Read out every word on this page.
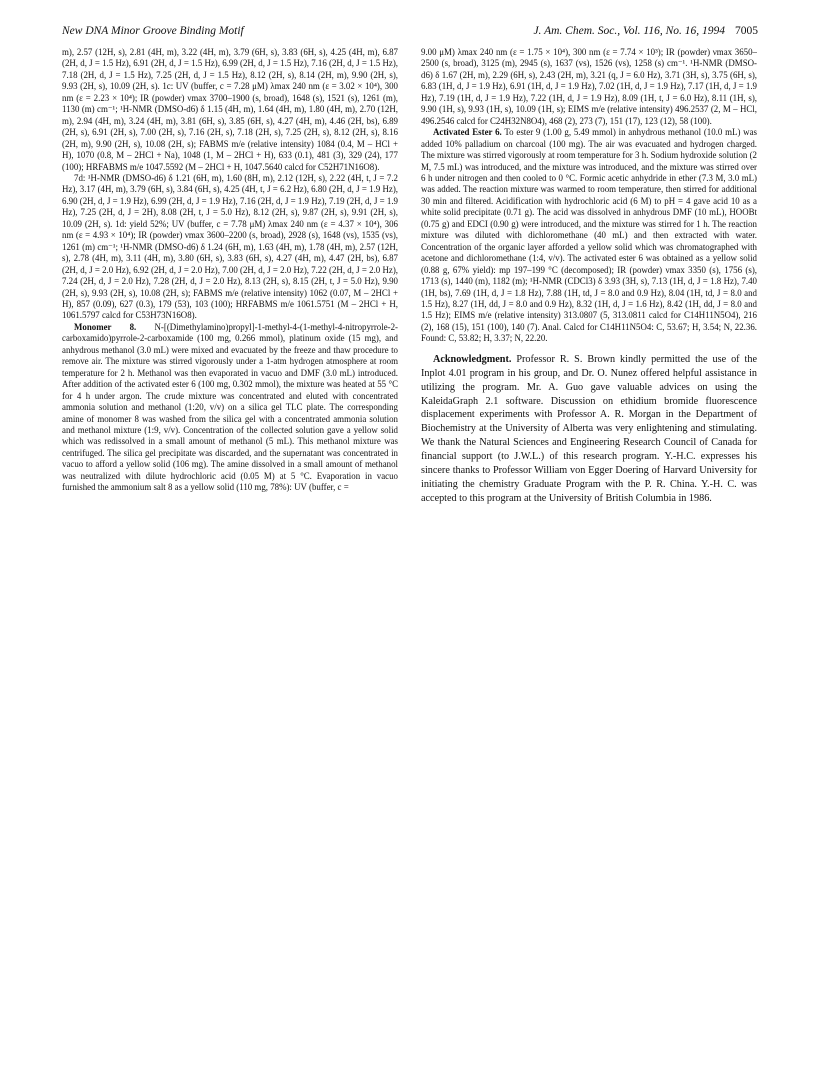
New DNA Minor Groove Binding Motif	J. Am. Chem. Soc., Vol. 116, No. 16, 1994 7005

m), 2.57 (12H, s), 2.81 (4H, m), 3.22 (4H, m), 3.79 (6H, s), 3.83 (6H, s), 4.25 (4H, m), 6.87 (2H, d, J = 1.5 Hz), 6.91 (2H, d, J = 1.5 Hz), 6.99 (2H, d, J = 1.5 Hz), 7.16 (2H, d, J = 1.5 Hz), 7.18 (2H, d, J = 1.5 Hz), 7.25 (2H, d, J = 1.5 Hz), 8.12 (2H, s), 8.14 (2H, m), 9.90 (2H, s), 9.93 (2H, s), 10.09 (2H, s). 1c: UV (buffer, c = 7.28 μM) λmax 240 nm (ε = 3.02 × 10⁴), 300 nm (ε = 2.23 × 10⁴); IR (powder) νmax 3700–1900 (s, broad), 1648 (s), 1521 (s), 1261 (m), 1130 (m) cm⁻¹; ¹H-NMR (DMSO-d6) δ 1.15 (4H, m), 1.64 (4H, m), 1.80 (4H, m), 2.70 (12H, m), 2.94 (4H, m), 3.24 (4H, m), 3.81 (6H, s), 3.85 (6H, s), 4.27 (4H, m), 4.46 (2H, bs), 6.89 (2H, s), 6.91 (2H, s), 7.00 (2H, s), 7.16 (2H, s), 7.18 (2H, s), 7.25 (2H, s), 8.12 (2H, s), 8.16 (2H, m), 9.90 (2H, s), 10.08 (2H, s); FABMS m/e (relative intensity) 1084 (0.4, M – HCl + H), 1070 (0.8, M – 2HCl + Na), 1048 (1, M – 2HCl + H), 633 (0.1), 481 (3), 329 (24), 177 (100); HRFABMS m/e 1047.5592 (M – 2HCl + H, 1047.5640 calcd for C52H71N16O8).

7d: ¹H-NMR (DMSO-d6) δ 1.21 (6H, m), 1.60 (8H, m), 2.12 (12H, s), 2.22 (4H, t, J = 7.2 Hz), 3.17 (4H, m), 3.79 (6H, s), 3.84 (6H, s), 4.25 (4H, t, J = 6.2 Hz), 6.80 (2H, d, J = 1.9 Hz), 6.90 (2H, d, J = 1.9 Hz), 6.99 (2H, d, J = 1.9 Hz), 7.16 (2H, d, J = 1.9 Hz), 7.19 (2H, d, J = 1.9 Hz), 7.25 (2H, d, J = 2H), 8.08 (2H, t, J = 5.0 Hz), 8.12 (2H, s), 9.87 (2H, s), 9.91 (2H, s), 10.09 (2H, s). 1d: yield 52%; UV (buffer, c = 7.78 μM) λmax 240 nm (ε = 4.37 × 10⁴), 306 nm (ε = 4.93 × 10⁴); IR (powder) νmax 3600–2200 (s, broad), 2928 (s), 1648 (vs), 1535 (vs), 1261 (m) cm⁻¹; ¹H-NMR (DMSO-d6) δ 1.24 (6H, m), 1.63 (4H, m), 1.78 (4H, m), 2.57 (12H, s), 2.78 (4H, m), 3.11 (4H, m), 3.80 (6H, s), 3.83 (6H, s), 4.27 (4H, m), 4.47 (2H, bs), 6.87 (2H, d, J = 2.0 Hz), 6.92 (2H, d, J = 2.0 Hz), 7.00 (2H, d, J = 2.0 Hz), 7.22 (2H, d, J = 2.0 Hz), 7.24 (2H, d, J = 2.0 Hz), 7.28 (2H, d, J = 2.0 Hz), 8.13 (2H, s), 8.15 (2H, t, J = 5.0 Hz), 9.90 (2H, s), 9.93 (2H, s), 10.08 (2H, s); FABMS m/e (relative intensity) 1062 (0.07, M – 2HCl + H), 857 (0.09), 627 (0.3), 179 (53), 103 (100); HRFABMS m/e 1061.5751 (M – 2HCl + H, 1061.5797 calcd for C53H73N16O8).

Monomer 8. N-[(Dimethylamino)propyl]-1-methyl-4-(1-methyl-4-nitropyrrole-2-carboxamido)pyrrole-2-carboxamide (100 mg, 0.266 mmol), platinum oxide (15 mg), and anhydrous methanol (3.0 mL) were mixed and evacuated by the freeze and thaw procedure to remove air. The mixture was stirred vigorously under a 1-atm hydrogen atmosphere at room temperature for 2 h. Methanol was then evaporated in vacuo and DMF (3.0 mL) introduced. After addition of the activated ester 6 (100 mg, 0.302 mmol), the mixture was heated at 55 °C for 4 h under argon. The crude mixture was concentrated and eluted with concentrated ammonia solution and methanol (1:20, v/v) on a silica gel TLC plate. The corresponding amine of monomer 8 was washed from the silica gel with a concentrated ammonia solution and methanol mixture (1:9, v/v). Concentration of the collected solution gave a yellow solid which was redissolved in a small amount of methanol (5 mL). This methanol mixture was centrifuged. The silica gel precipitate was discarded, and the supernatant was concentrated in vacuo to afford a yellow solid (106 mg). The amine dissolved in a small amount of methanol was neutralized with dilute hydrochloric acid (0.05 M) at 5 °C. Evaporation in vacuo furnished the ammonium salt 8 as a yellow solid (110 mg, 78%): UV (buffer, c =

9.00 μM) λmax 240 nm (ε = 1.75 × 10⁴), 300 nm (ε = 7.74 × 10³); IR (powder) νmax 3650–2500 (s, broad), 3125 (m), 2945 (s), 1637 (vs), 1526 (vs), 1258 (s) cm⁻¹. ¹H-NMR (DMSO-d6) δ 1.67 (2H, m), 2.29 (6H, s), 2.43 (2H, m), 3.21 (q, J = 6.0 Hz), 3.71 (3H, s), 3.75 (6H, s), 6.83 (1H, d, J = 1.9 Hz), 6.91 (1H, d, J = 1.9 Hz), 7.02 (1H, d, J = 1.9 Hz), 7.17 (1H, d, J = 1.9 Hz), 7.19 (1H, d, J = 1.9 Hz), 7.22 (1H, d, J = 1.9 Hz), 8.09 (1H, t, J = 6.0 Hz), 8.11 (1H, s), 9.90 (1H, s), 9.93 (1H, s), 10.09 (1H, s); EIMS m/e (relative intensity) 496.2537 (2, M – HCl, 496.2546 calcd for C24H32N8O4), 468 (2), 273 (7), 151 (17), 123 (12), 58 (100).

Activated Ester 6. To ester 9 (1.00 g, 5.49 mmol) in anhydrous methanol (10.0 mL) was added 10% palladium on charcoal (100 mg). The air was evacuated and hydrogen charged. The mixture was stirred vigorously at room temperature for 3 h. Sodium hydroxide solution (2 M, 7.5 mL) was introduced, and the mixture was introduced, and the mixture was stirred over 6 h under nitrogen and then cooled to 0 °C. Formic acetic anhydride in ether (7.3 M, 3.0 mL) was added. The reaction mixture was warmed to room temperature, then stirred for additional 30 min and filtered. Acidification with hydrochloric acid (6 M) to pH = 4 gave acid 10 as a white solid precipitate (0.71 g). The acid was dissolved in anhydrous DMF (10 mL), HOOBt (0.75 g) and EDCI (0.90 g) were introduced, and the mixture was stirred for 1 h. The reaction mixture was diluted with dichloromethane (40 mL) and then extracted with water. Concentration of the organic layer afforded a yellow solid which was chromatographed with acetone and dichloromethane (1:4, v/v). The activated ester 6 was obtained as a yellow solid (0.88 g, 67% yield): mp 197–199 °C (decomposed); IR (powder) νmax 3350 (s), 1756 (s), 1713 (s), 1440 (m), 1182 (m); ¹H-NMR (CDCl3) δ 3.93 (3H, s), 7.13 (1H, d, J = 1.8 Hz), 7.40 (1H, bs), 7.69 (1H, d, J = 1.8 Hz), 7.88 (1H, td, J = 8.0 and 0.9 Hz), 8.04 (1H, td, J = 8.0 and 1.5 Hz), 8.27 (1H, dd, J = 8.0 and 0.9 Hz), 8.32 (1H, d, J = 1.6 Hz), 8.42 (1H, dd, J = 8.0 and 1.5 Hz); EIMS m/e (relative intensity) 313.0807 (5, 313.0811 calcd for C14H11N5O4), 216 (2), 168 (15), 151 (100), 140 (7). Anal. Calcd for C14H11N5O4: C, 53.67; H, 3.54; N, 22.36. Found: C, 53.82; H, 3.37; N, 22.20.

Acknowledgment. Professor R. S. Brown kindly permitted the use of the Inplot 4.01 program in his group, and Dr. O. Nunez offered helpful assistance in utilizing the program. Mr. A. Guo gave valuable advices on using the KaleidaGraph 2.1 software. Discussion on ethidium bromide fluorescence displacement experiments with Professor A. R. Morgan in the Department of Biochemistry at the University of Alberta was very enlightening and stimulating. We thank the Natural Sciences and Engineering Research Council of Canada for financial support (to J.W.L.) of this research program. Y.-H.C. expresses his sincere thanks to Professor William von Egger Doering of Harvard University for initiating the chemistry Graduate Program with the P. R. China. Y.-H. C. was accepted to this program at the University of British Columbia in 1986.
